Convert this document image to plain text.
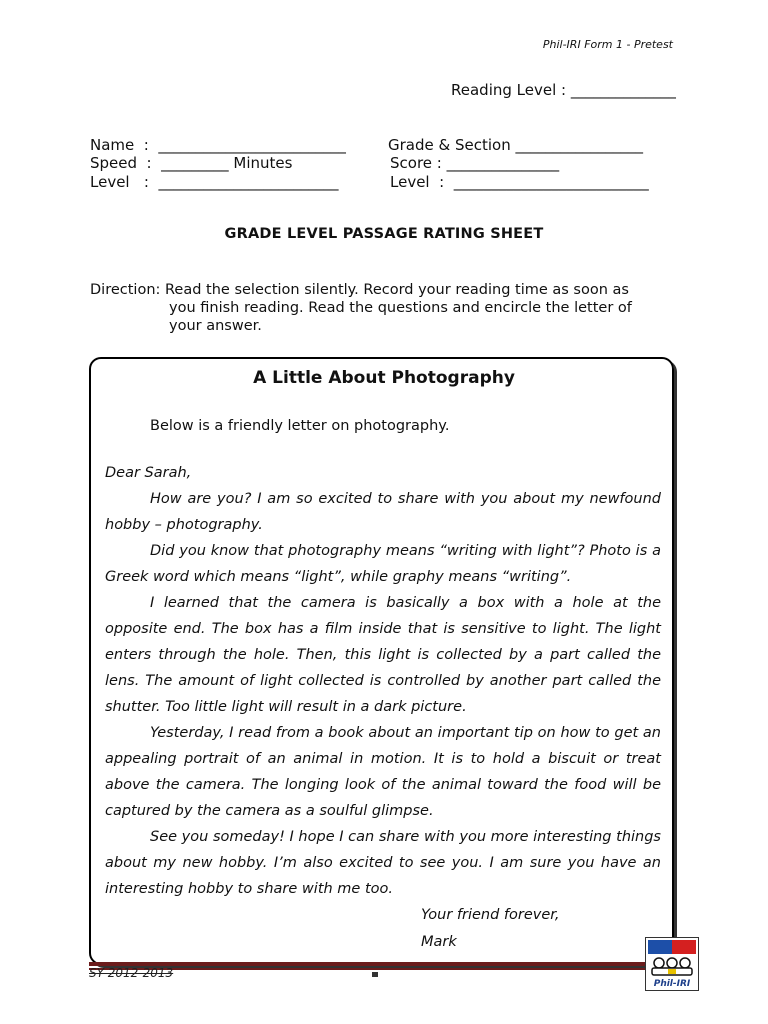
Phil-IRI Form 1 - Pretest
Reading Level : ______________
Name  :  _________________________
Speed  :  _________ Minutes
Level   :  ________________________
Grade & Section _________________
Score : _______________
Level  :  __________________________
GRADE LEVEL PASSAGE RATING SHEET
Direction: Read the selection silently. Record your reading time as soon as
you finish reading. Read the questions and encircle the letter of
your answer.
A Little About Photography
Below is a friendly letter on photography.

Dear Sarah,

How are you? I am so excited to share with you about my newfound hobby – photography.

Did you know that photography means “writing with light”? Photo is a Greek word which means “light”, while graphy means “writing”.

I learned that the camera is basically a box with a hole at the opposite end. The box has a film inside that is sensitive to light. The light enters through the hole. Then, this light is collected by a part called the lens. The amount of light collected is controlled by another part called the shutter. Too little light will result in a dark picture.

Yesterday, I read from a book about an important tip on how to get an appealing portrait of an animal in motion. It is to hold a biscuit or treat above the camera. The longing look of the animal toward the food will be captured by the camera as a soulful glimpse.

See you someday! I hope I can share with you more interesting things about my new hobby. I’m also excited to see you. I am sure you have an interesting hobby to share with me too.

Your friend forever,
Mark
SY 2012-2013
Phil-IRI
